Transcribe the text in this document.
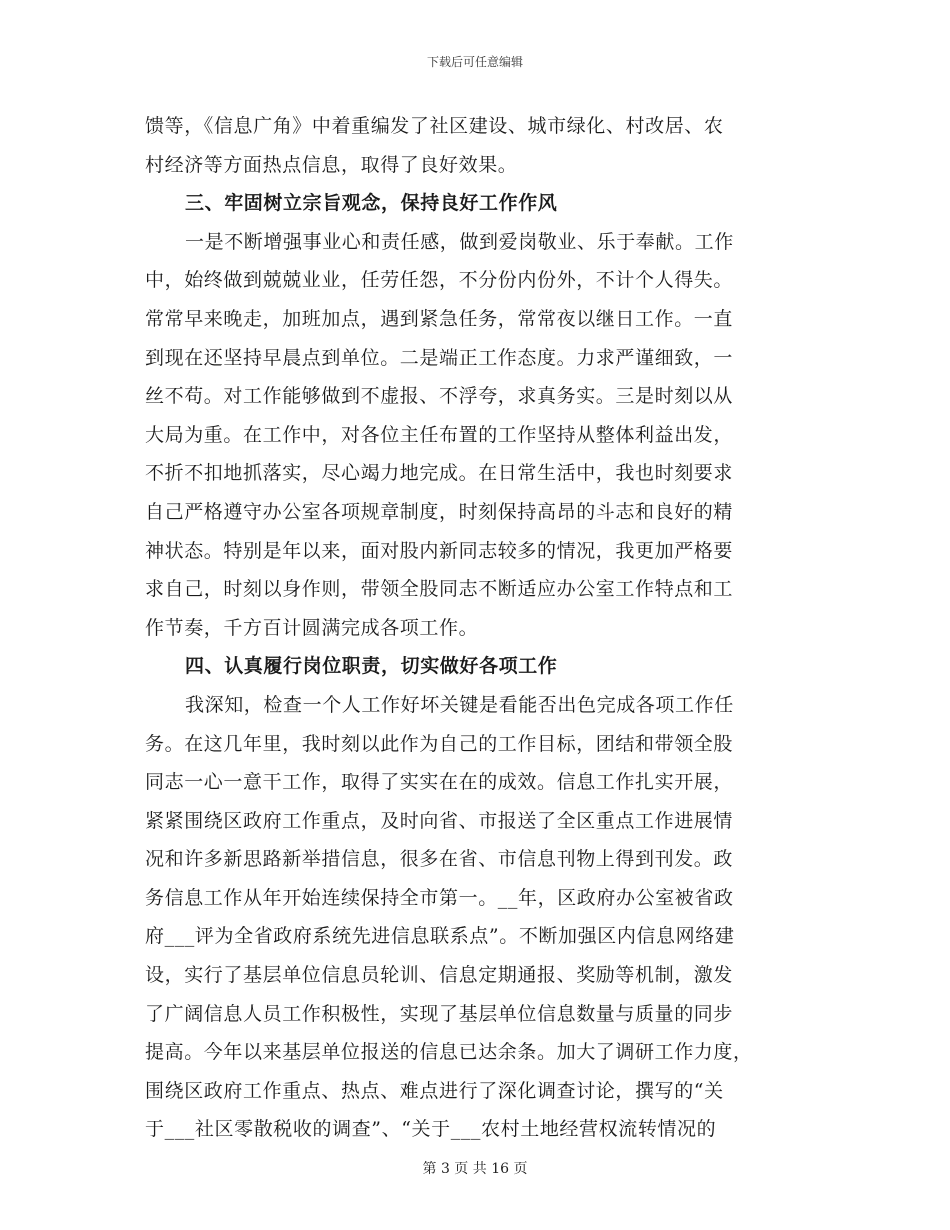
下载后可任意编辑
馈等，《信息广角》中着重编发了社区建设、城市绿化、村改居、农
村经济等方面热点信息，取得了良好效果。
三、牢固树立宗旨观念，保持良好工作作风
一是不断增强事业心和责任感，做到爱岗敬业、乐于奉献。工作
中，始终做到兢兢业业，任劳任怨，不分份内份外，不计个人得失。
常常早来晚走，加班加点，遇到紧急任务，常常夜以继日工作。一直
到现在还坚持早晨点到单位。二是端正工作态度。力求严谨细致，一
丝不苟。对工作能够做到不虚报、不浮夸，求真务实。三是时刻以从
大局为重。在工作中，对各位主任布置的工作坚持从整体利益出发，
不折不扣地抓落实，尽心竭力地完成。在日常生活中，我也时刻要求
自己严格遵守办公室各项规章制度，时刻保持高昂的斗志和良好的精
神状态。特别是年以来，面对股内新同志较多的情况，我更加严格要
求自己，时刻以身作则，带领全股同志不断适应办公室工作特点和工
作节奏，千方百计圆满完成各项工作。
四、认真履行岗位职责，切实做好各项工作
我深知，检查一个人工作好坏关键是看能否出色完成各项工作任
务。在这几年里，我时刻以此作为自己的工作目标，团结和带领全股
同志一心一意干工作，取得了实实在在的成效。信息工作扎实开展，
紧紧围绕区政府工作重点，及时向省、市报送了全区重点工作进展情
况和许多新思路新举措信息，很多在省、市信息刊物上得到刊发。政
务信息工作从年开始连续保持全市第一。__年，区政府办公室被省政
府___评为全省政府系统先进信息联系点”。不断加强区内信息网络建
设，实行了基层单位信息员轮训、信息定期通报、奖励等机制，激发
了广阔信息人员工作积极性，实现了基层单位信息数量与质量的同步
提高。今年以来基层单位报送的信息已达余条。加大了调研工作力度，
围绕区政府工作重点、热点、难点进行了深化调查讨论，撰写的“关
于___社区零散税收的调查”、“关于___农村土地经营权流转情况的
第 3 页 共 16 页
